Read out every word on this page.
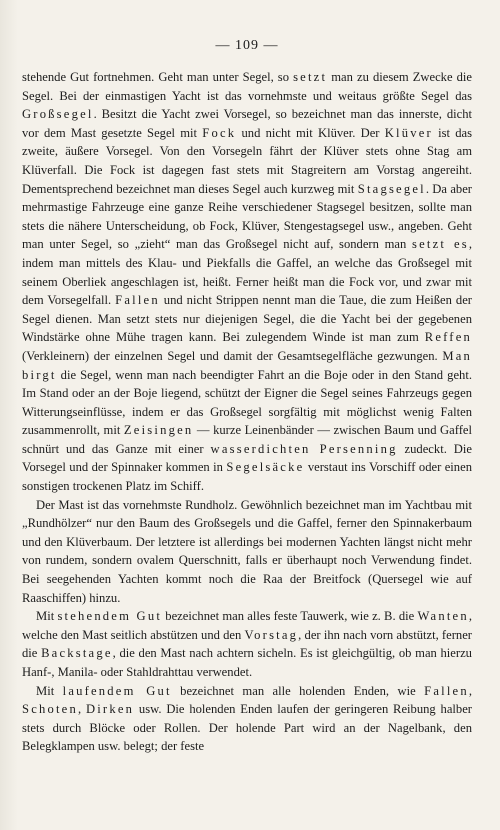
— 109 —

stehende Gut fortnehmen. Geht man unter Segel, so setzt man zu diesem Zwecke die Segel. Bei der einmastigen Yacht ist das vornehmste und weitaus größte Segel das Großsegel. Besitzt die Yacht zwei Vorsegel, so bezeichnet man das innerste, dicht vor dem Mast gesetzte Segel mit Fock und nicht mit Klüver. Der Klüver ist das zweite, äußere Vorsegel. Von den Vorsegeln fährt der Klüver stets ohne Stag am Klüverfall. Die Fock ist dagegen fast stets mit Stagreitern am Vorstag angereiht. Dementsprechend bezeichnet man dieses Segel auch kurzweg mit Stagsegel. Da aber mehrmastige Fahrzeuge eine ganze Reihe verschiedener Stagsegel besitzen, sollte man stets die nähere Unterscheidung, ob Fock, Klüver, Stengestagsegel usw., angeben. Geht man unter Segel, so „zieht“ man das Großsegel nicht auf, sondern man setzt es, indem man mittels des Klau- und Piekfalls die Gaffel, an welche das Großsegel mit seinem Oberliek angeschlagen ist, heißt. Ferner heißt man die Fock vor, und zwar mit dem Vorsegelfall. Fallen und nicht Strippen nennt man die Taue, die zum Heißen der Segel dienen. Man setzt stets nur diejenigen Segel, die die Yacht bei der gegebenen Windstärke ohne Mühe tragen kann. Bei zulegendem Winde ist man zum Reffen (Verkleinern) der einzelnen Segel und damit der Gesamtsegelfläche gezwungen. Man birgt die Segel, wenn man nach beendigter Fahrt an die Boje oder in den Stand geht. Im Stand oder an der Boje liegend, schützt der Eigner die Segel seines Fahrzeugs gegen Witterungseinflüsse, indem er das Großsegel sorgfältig mit möglichst wenig Falten zusammenrollt, mit Zeisingen — kurze Leinenbänder — zwischen Baum und Gaffel schnürt und das Ganze mit einer wasserdichten Persenning zudeckt. Die Vorsegel und der Spinnaker kommen in Segelsäcke verstaut ins Vorschiff oder einen sonstigen trockenen Platz im Schiff.

Der Mast ist das vornehmste Rundholz. Gewöhnlich bezeichnet man im Yachtbau mit „Rundhölzer“ nur den Baum des Großsegels und die Gaffel, ferner den Spinnakerbaum und den Klüverbaum. Der letztere ist allerdings bei modernen Yachten längst nicht mehr von rundem, sondern ovalem Querschnitt, falls er überhaupt noch Verwendung findet. Bei seegehenden Yachten kommt noch die Raa der Breitfock (Quersegel wie auf Raaschiffen) hinzu.

Mit stehendem Gut bezeichnet man alles feste Tauwerk, wie z. B. die Wanten, welche den Mast seitlich abstützen und den Vorstag, der ihn nach vorn abstützt, ferner die Backstage, die den Mast nach achtern sicheln. Es ist gleichgültig, ob man hierzu Hanf-, Manila- oder Stahldrahttau verwendet.

Mit laufendem Gut bezeichnet man alle holenden Enden, wie Fallen, Schoten, Dirken usw. Die holenden Enden laufen der geringeren Reibung halber stets durch Blöcke oder Rollen. Der holende Part wird an der Nagelbank, den Belegklampen usw. belegt; der feste
